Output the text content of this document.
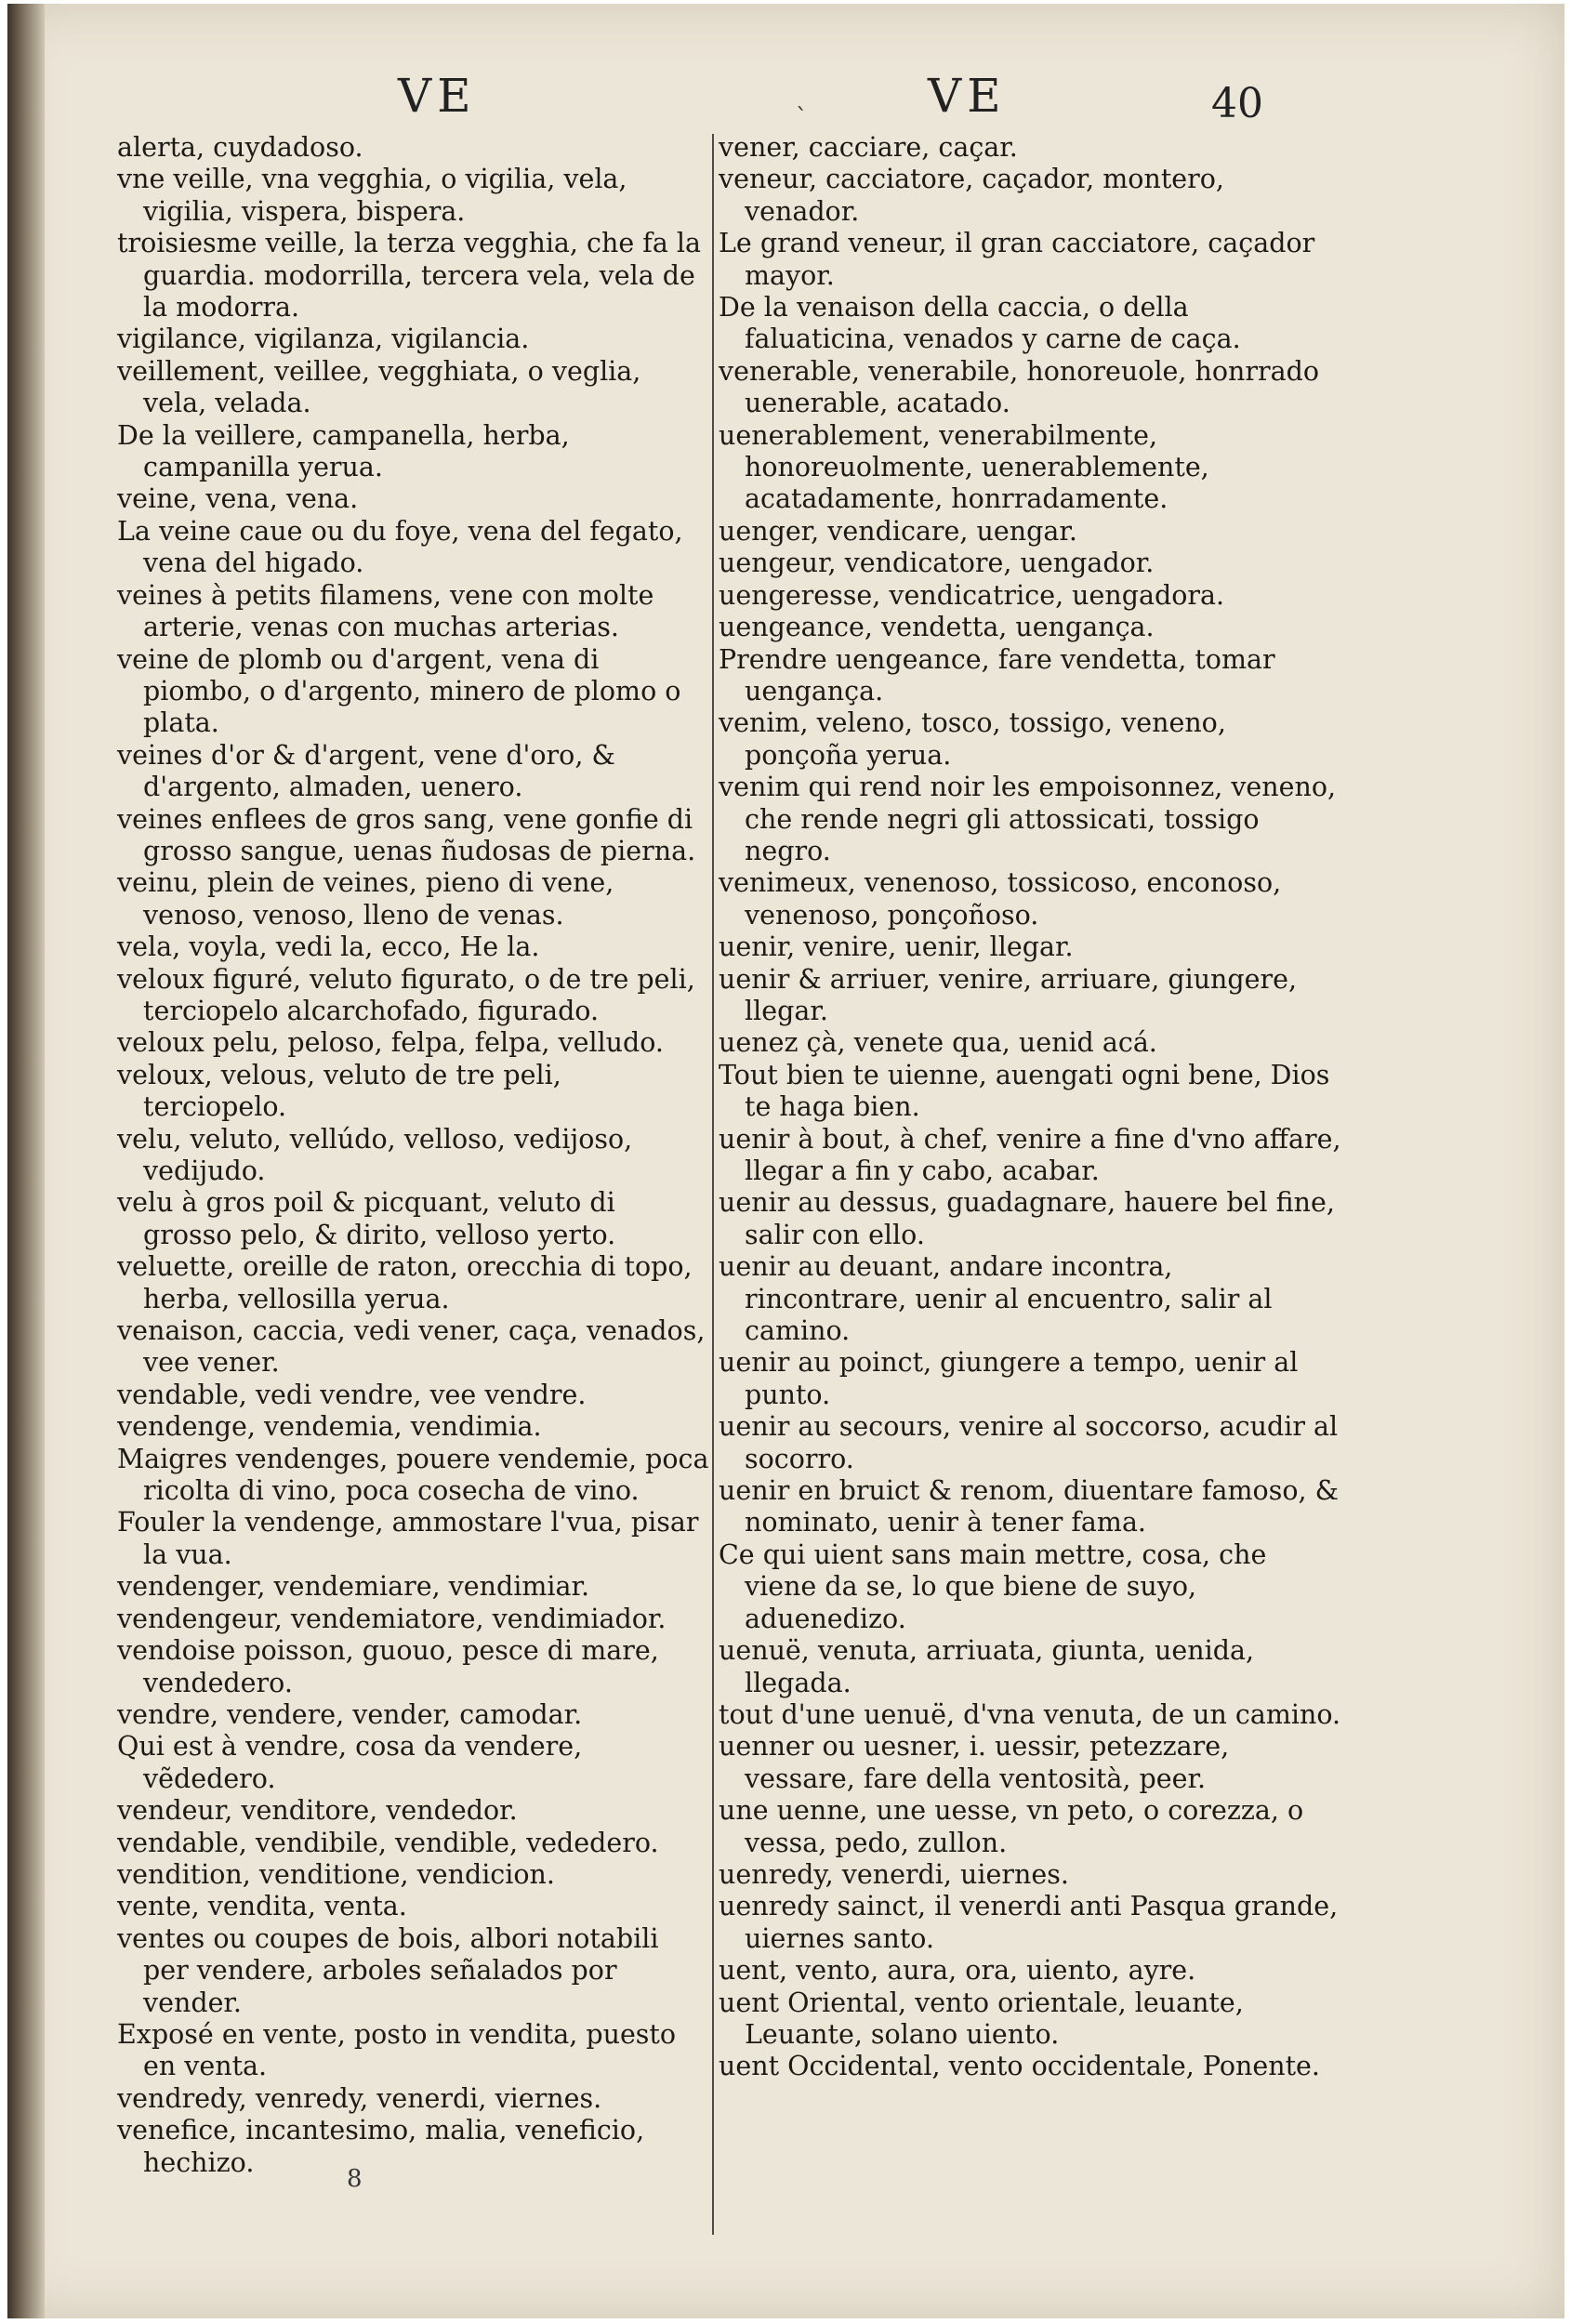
VE	VE	40
`

alerta, cuydadoso.

vne veille, vna vegghia, o vigilia, vela, vigilia, visperа, bispera.

troisiesme veille, la terza vegghia, che fa la guardia. modorrilla, tercera vela, vela de la modorra.

vigilance, vigilanza, vigilancia.

veillement, veillee, vegghiata, o veglia, vela, velada.

De la veillere, campanella, herba, campanilla yerua.

veine, vena, vena.

La veine caue ou du foye, vena del fegato, vena del higado.

veines à petits filamens, vene con molte arterie, venas con muchas arterias.

veine de plomb ou d'argent, vena di piombo, o d'argento, minero de plomo o plata.

veines d'or & d'argent, vene d'oro, & d'argento, almaden, uenero.

veines enflees de gros sang, vene gonfie di grosso sangue, uenas ñudosas de pierna.

veinu, plein de veines, pieno di vene, venoso, venoso, lleno de venas.

vela, voyla, vedi la, ecco, He la.

veloux figuré, veluto figurato, o de tre peli, terciopelo alcarchofado, figurado.

veloux pelu, peloso, felpa, felpa, velludo.

veloux, velous, veluto de tre peli, terciopelo.

velu, veluto, vellúdo, velloso, vedijoso, vedijudo.

velu à gros poil & picquant, veluto di grosso pelo, & dirito, velloso yerto.

veluette, oreille de raton, orecchia di topo, herba, vellosilla yerua.

venaison, caccia, vedi vener, caça, venados, vee vener.

vendable, vedi vendre, vee vendre.

vendenge, vendemia, vendimia.

Maigres vendenges, pouere vendemie, poca ricolta di vino, poca cosecha de vino.

Fouler la vendenge, ammostare l'vua, pisar la vua.

vendenger, vendemiare, vendimiar.

vendengeur, vendemiatore, vendimiador.

vendoise poisson, guouo, pesce di mare, vendedero.

vendre, vendere, vender, camodar.

Qui est à vendre, cosa da vendere, vẽdedero.

vendeur, venditore, vendedor.

vendable, vendibile, vendible, vededero.

vendition, venditione, vendicion.

vente, vendita, venta.

ventes ou coupes de bois, albori notabili per vendere, arboles señalados por vender.

Exposé en vente, posto in vendita, puesto en venta.

vendredy, venredy, venerdi, viernes.

venefice, incantesimo, malia, veneficio, hechizo.

vener, cacciare, caçar.

veneur, cacciatore, caçador, montero, venador.

Le grand veneur, il gran cacciatore, caçador mayor.

De la venaison della caccia, o della faluaticina, venados y carne de caça.

venerable, venerabile, honoreuole, honrrado uenerable, acatado.

uenerablement, venerabilmente, honoreuolmente, uenerablemente, acatadamente, honrradamente.

uenger, vendicare, uengar.

uengeur, vendicatore, uengador.

uengeresse, vendicatrice, uengadora.

uengeance, vendetta, uengança.

Prendre uengeance, fare vendetta, tomar uengança.

venim, veleno, tosco, tossigo, veneno, ponçoña yerua.

venim qui rend noir les empoisonnez, veneno, che rende negri gli attossicati, tossigo negro.

venimeux, venenoso, tossicoso, enconoso, venenoso, ponçoñoso.

uenir, venire, uenir, llegar.

uenir & arriuer, venire, arriuare, giungere, llegar.

uenez çà, venete qua, uenid acá.

Tout bien te uienne, auengati ogni bene, Dios te haga bien.

uenir à bout, à chef, venire a fine d'vno affare, llegar a fin y cabo, acabar.

uenir au dessus, guadagnare, hauere bel fine, salir con ello.

uenir au deuant, andare incontra, rincontrare, uenir al encuentro, salir al camino.

uenir au poinct, giungere a tempo, uenir al punto.

uenir au secours, venire al soccorso, acudir al socorro.

uenir en bruict & renom, diuentare famoso, & nominato, uenir à tener fama.

Ce qui uient sans main mettre, cosa, che viene da se, lo que biene de suyo, aduenedizo.

uenuë, venuta, arriuata, giunta, uenida, llegada.

tout d'une uenuë, d'vna venuta, de un camino.

uenner ou uesner, i. uessir, petezzare, vessare, fare della ventosità, peer.

une uenne, une uesse, vn peto, o corezza, o vessa, pedo, zullon.

uenredy, venerdi, uiernes.

uenredy sainct, il venerdi anti Pasqua grande, uiernes santo.

uent, vento, aura, ora, uiento, ayre.

uent Oriental, vento orientale, leuante, Leuante, solano uiento.

uent Occidental, vento occidentale, Ponente.

8
